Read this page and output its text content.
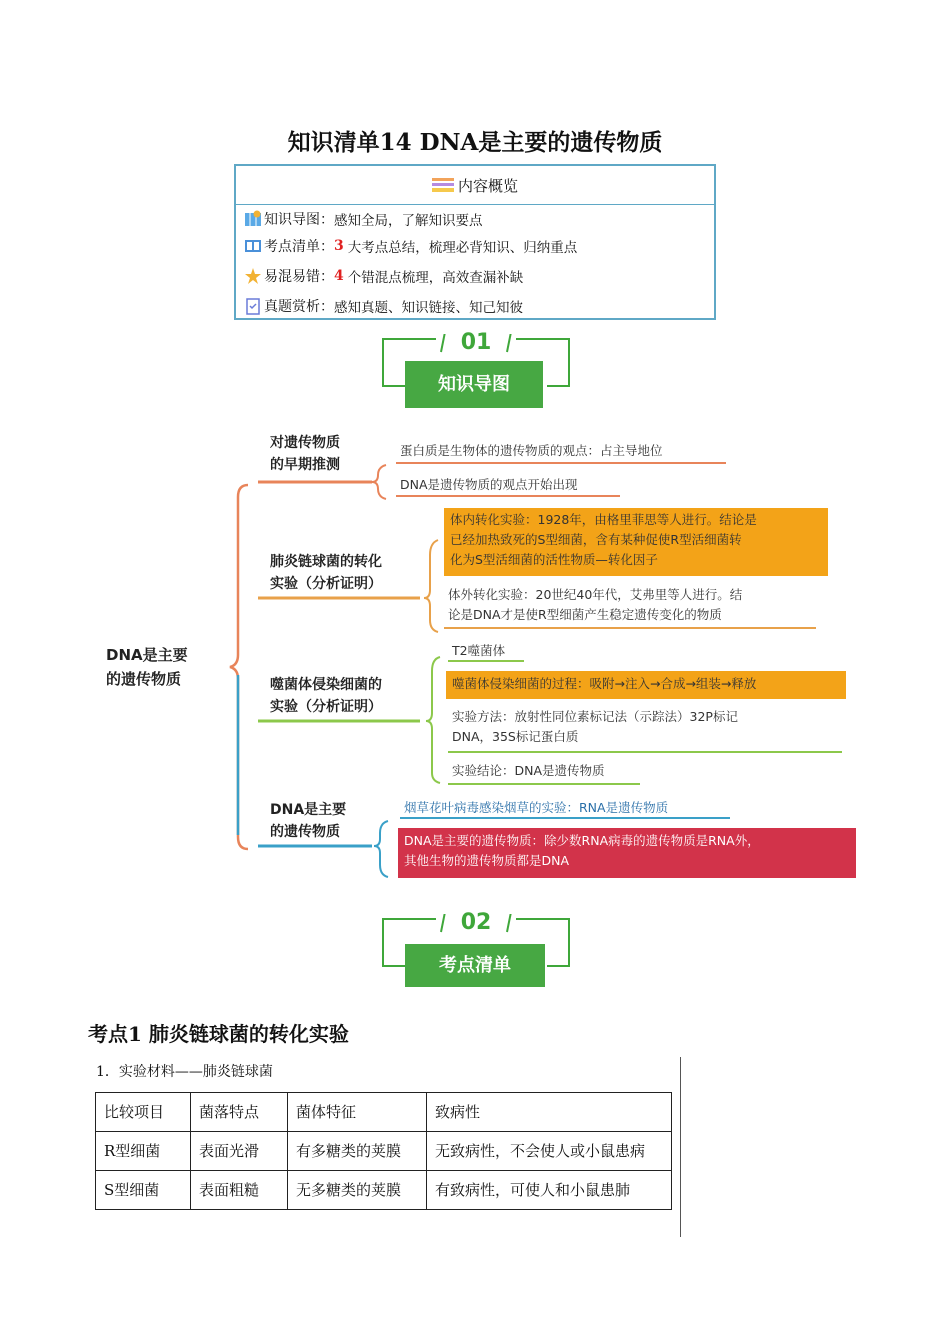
知识清单14 DNA是主要的遗传物质
内容概览
知识导图： 感知全局，了解知识要点
考点清单： 3 大考点总结，梳理必背知识、归纳重点
易混易错： 4 个错混点梳理，高效查漏补缺
真题赏析： 感知真题、知识链接、知己知彼
01
知识导图
DNA是主要
的遗传物质
对遗传物质
的早期推测
肺炎链球菌的转化
实验（分析证明）
噬菌体侵染细菌的
实验（分析证明）
DNA是主要
的遗传物质
蛋白质是生物体的遗传物质的观点：占主导地位
DNA是遗传物质的观点开始出现
体内转化实验：1928年，由格里菲思等人进行。结论是
已经加热致死的S型细菌，含有某种促使R型活细菌转
化为S型活细菌的活性物质—转化因子
体外转化实验：20世纪40年代，艾弗里等人进行。结
论是DNA才是使R型细菌产生稳定遗传变化的物质
T2噬菌体
噬菌体侵染细菌的过程：吸附→注入→合成→组装→释放
实验方法：放射性同位素标记法（示踪法）32P标记
DNA，35S标记蛋白质
实验结论：DNA是遗传物质
烟草花叶病毒感染烟草的实验：RNA是遗传物质
DNA是主要的遗传物质：除少数RNA病毒的遗传物质是RNA外，
其他生物的遗传物质都是DNA
02
考点清单
考点1 肺炎链球菌的转化实验
1．实验材料——肺炎链球菌
比较项目	菌落特点	菌体特征	致病性
R型细菌	表面光滑	有多糖类的荚膜	无致病性，不会使人或小鼠患病
S型细菌	表面粗糙	无多糖类的荚膜	有致病性，可使人和小鼠患肺
